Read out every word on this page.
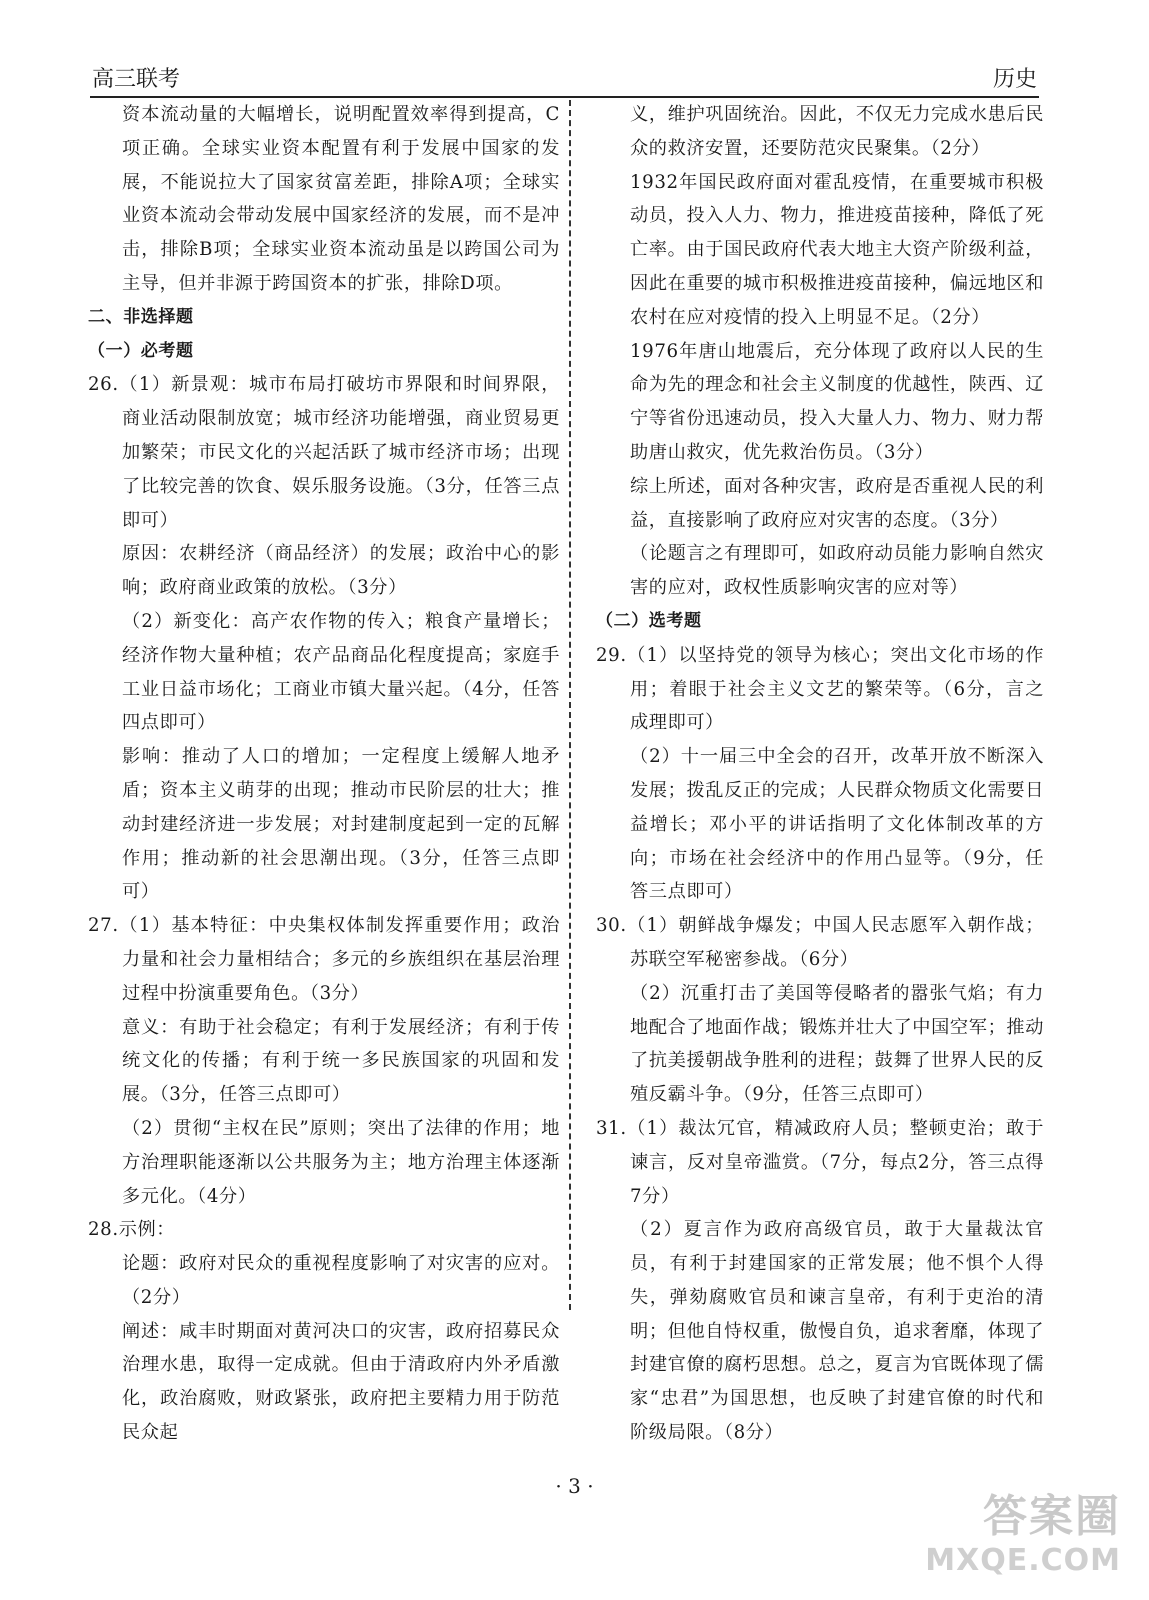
高三联考	历史

资本流动量的大幅增长，说明配置效率得到提高，C项正确。全球实业资本配置有利于发展中国家的发展，不能说拉大了国家贫富差距，排除A项；全球实业资本流动会带动发展中国家经济的发展，而不是冲击，排除B项；全球实业资本流动虽是以跨国公司为主导，但并非源于跨国资本的扩张，排除D项。

二、非选择题

（一）必考题

26.（1）新景观：城市布局打破坊市界限和时间界限，商业活动限制放宽；城市经济功能增强，商业贸易更加繁荣；市民文化的兴起活跃了城市经济市场；出现了比较完善的饮食、娱乐服务设施。（3分，任答三点即可）

原因：农耕经济（商品经济）的发展；政治中心的影响；政府商业政策的放松。（3分）

（2）新变化：高产农作物的传入；粮食产量增长；经济作物大量种植；农产品商品化程度提高；家庭手工业日益市场化；工商业市镇大量兴起。（4分，任答四点即可）

影响：推动了人口的增加；一定程度上缓解人地矛盾；资本主义萌芽的出现；推动市民阶层的壮大；推动封建经济进一步发展；对封建制度起到一定的瓦解作用；推动新的社会思潮出现。（3分，任答三点即可）

27.（1）基本特征：中央集权体制发挥重要作用；政治力量和社会力量相结合；多元的乡族组织在基层治理过程中扮演重要角色。（3分）

意义：有助于社会稳定；有利于发展经济；有利于传统文化的传播；有利于统一多民族国家的巩固和发展。（3分，任答三点即可）

（2）贯彻“主权在民”原则；突出了法律的作用；地方治理职能逐渐以公共服务为主；地方治理主体逐渐多元化。（4分）

28.示例：

论题：政府对民众的重视程度影响了对灾害的应对。（2分）

阐述：咸丰时期面对黄河决口的灾害，政府招募民众治理水患，取得一定成就。但由于清政府内外矛盾激化，政治腐败，财政紧张，政府把主要精力用于防范民众起

义，维护巩固统治。因此，不仅无力完成水患后民众的救济安置，还要防范灾民聚集。（2分）

1932年国民政府面对霍乱疫情，在重要城市积极动员，投入人力、物力，推进疫苗接种，降低了死亡率。由于国民政府代表大地主大资产阶级利益，因此在重要的城市积极推进疫苗接种，偏远地区和农村在应对疫情的投入上明显不足。（2分）

1976年唐山地震后，充分体现了政府以人民的生命为先的理念和社会主义制度的优越性，陕西、辽宁等省份迅速动员，投入大量人力、物力、财力帮助唐山救灾，优先救治伤员。（3分）

综上所述，面对各种灾害，政府是否重视人民的利益，直接影响了政府应对灾害的态度。（3分）

（论题言之有理即可，如政府动员能力影响自然灾害的应对，政权性质影响灾害的应对等）

（二）选考题

29.（1）以坚持党的领导为核心；突出文化市场的作用；着眼于社会主义文艺的繁荣等。（6分，言之成理即可）

（2）十一届三中全会的召开，改革开放不断深入发展；拨乱反正的完成；人民群众物质文化需要日益增长；邓小平的讲话指明了文化体制改革的方向；市场在社会经济中的作用凸显等。（9分，任答三点即可）

30.（1）朝鲜战争爆发；中国人民志愿军入朝作战；苏联空军秘密参战。（6分）

（2）沉重打击了美国等侵略者的嚣张气焰；有力地配合了地面作战；锻炼并壮大了中国空军；推动了抗美援朝战争胜利的进程；鼓舞了世界人民的反殖反霸斗争。（9分，任答三点即可）

31.（1）裁汰冗官，精减政府人员；整顿吏治；敢于谏言，反对皇帝滥赏。（7分，每点2分，答三点得7分）

（2）夏言作为政府高级官员，敢于大量裁汰官员，有利于封建国家的正常发展；他不惧个人得失，弹劾腐败官员和谏言皇帝，有利于吏治的清明；但他自恃权重，傲慢自负，追求奢靡，体现了封建官僚的腐朽思想。总之，夏言为官既体现了儒家“忠君”为国思想，也反映了封建官僚的时代和阶级局限。（8分）

· 3 ·
答案圈
MXQE.COM
